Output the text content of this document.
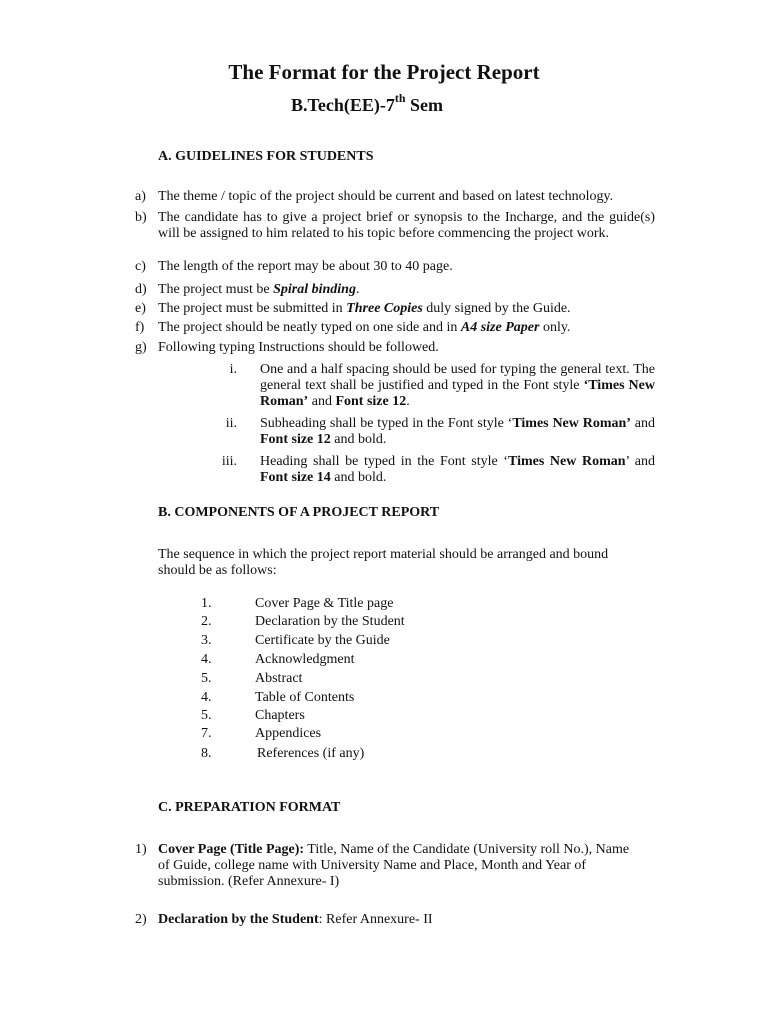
The Format for the Project Report
B.Tech(EE)-7th Sem
A. GUIDELINES FOR STUDENTS
a) The theme / topic of the project should be current and based on latest technology.
b) The candidate has to give a project brief or synopsis to the Incharge, and the guide(s) will be assigned to him related to his topic before commencing the project work.
c) The length of the report may be about 30 to 40 page.
d) The project must be Spiral binding.
e) The project must be submitted in Three Copies duly signed by the Guide.
f) The project should be neatly typed on one side and in A4 size Paper only.
g) Following typing Instructions should be followed.
i. One and a half spacing should be used for typing the general text. The general text shall be justified and typed in the Font style ‘Times New Roman’ and Font size 12.
ii. Subheading shall be typed in the Font style ‘Times New Roman’ and Font size 12 and bold.
iii. Heading shall be typed in the Font style ‘Times New Roman’ and Font size 14 and bold.
B. COMPONENTS OF A PROJECT REPORT
The sequence in which the project report material should be arranged and bound should be as follows:
1.	Cover Page & Title page
2.	Declaration by the Student
3.	Certificate by the Guide
4.	Acknowledgment
5.	Abstract
4.	Table of Contents
5.	Chapters
7.	Appendices
8.	References (if any)
C. PREPARATION FORMAT
1) Cover Page (Title Page): Title, Name of the Candidate (University roll No.), Name of Guide, college name with University Name and Place, Month and Year of submission. (Refer Annexure- I)
2) Declaration by the Student: Refer Annexure- II
